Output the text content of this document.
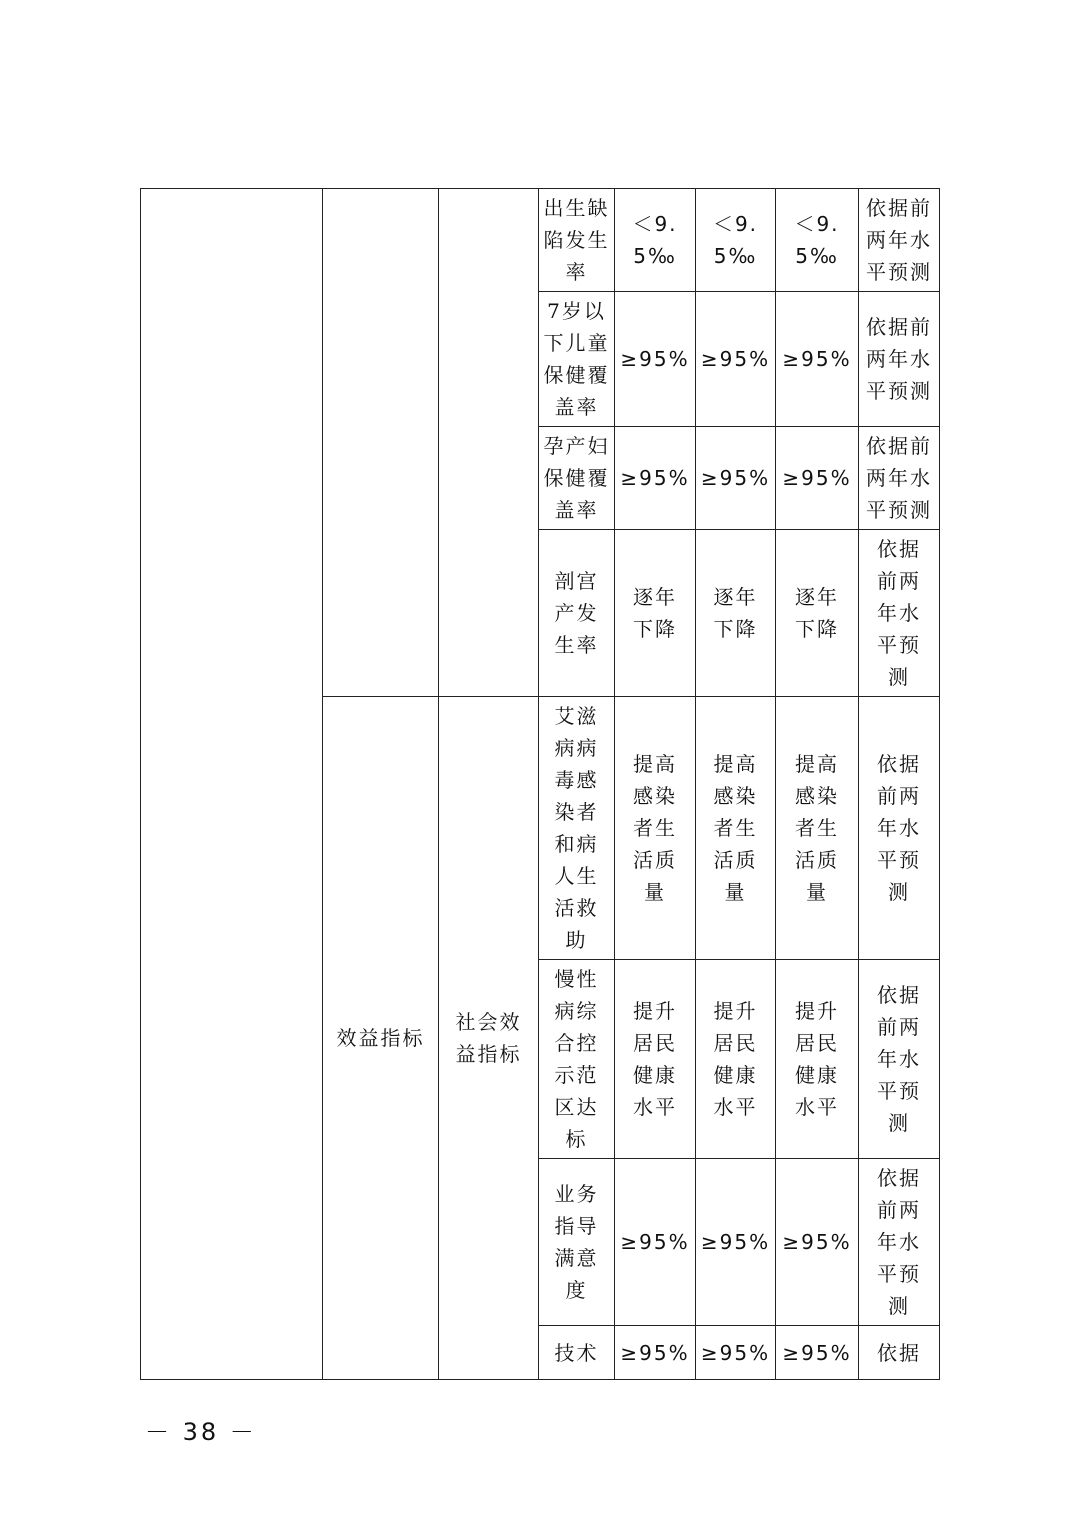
			出生缺陷发生率	＜9.5‰	＜9.5‰	＜9.5‰	依据前两年水平预测
			7岁以下儿童保健覆盖率	≥95%	≥95%	≥95%	依据前两年水平预测
			孕产妇保健覆盖率	≥95%	≥95%	≥95%	依据前两年水平预测
			剖宫产发生率	逐年下降	逐年下降	逐年下降	依据前两年水平预测
	效益指标	社会效益指标	艾滋病病毒感染者和病人生活救助	提高感染者生活质量	提高感染者生活质量	提高感染者生活质量	依据前两年水平预测
			慢性病综合控示范区达标	提升居民健康水平	提升居民健康水平	提升居民健康水平	依据前两年水平预测
			业务指导满意度	≥95%	≥95%	≥95%	依据前两年水平预测
			技术	≥95%	≥95%	≥95%	依据
－ 38 －
